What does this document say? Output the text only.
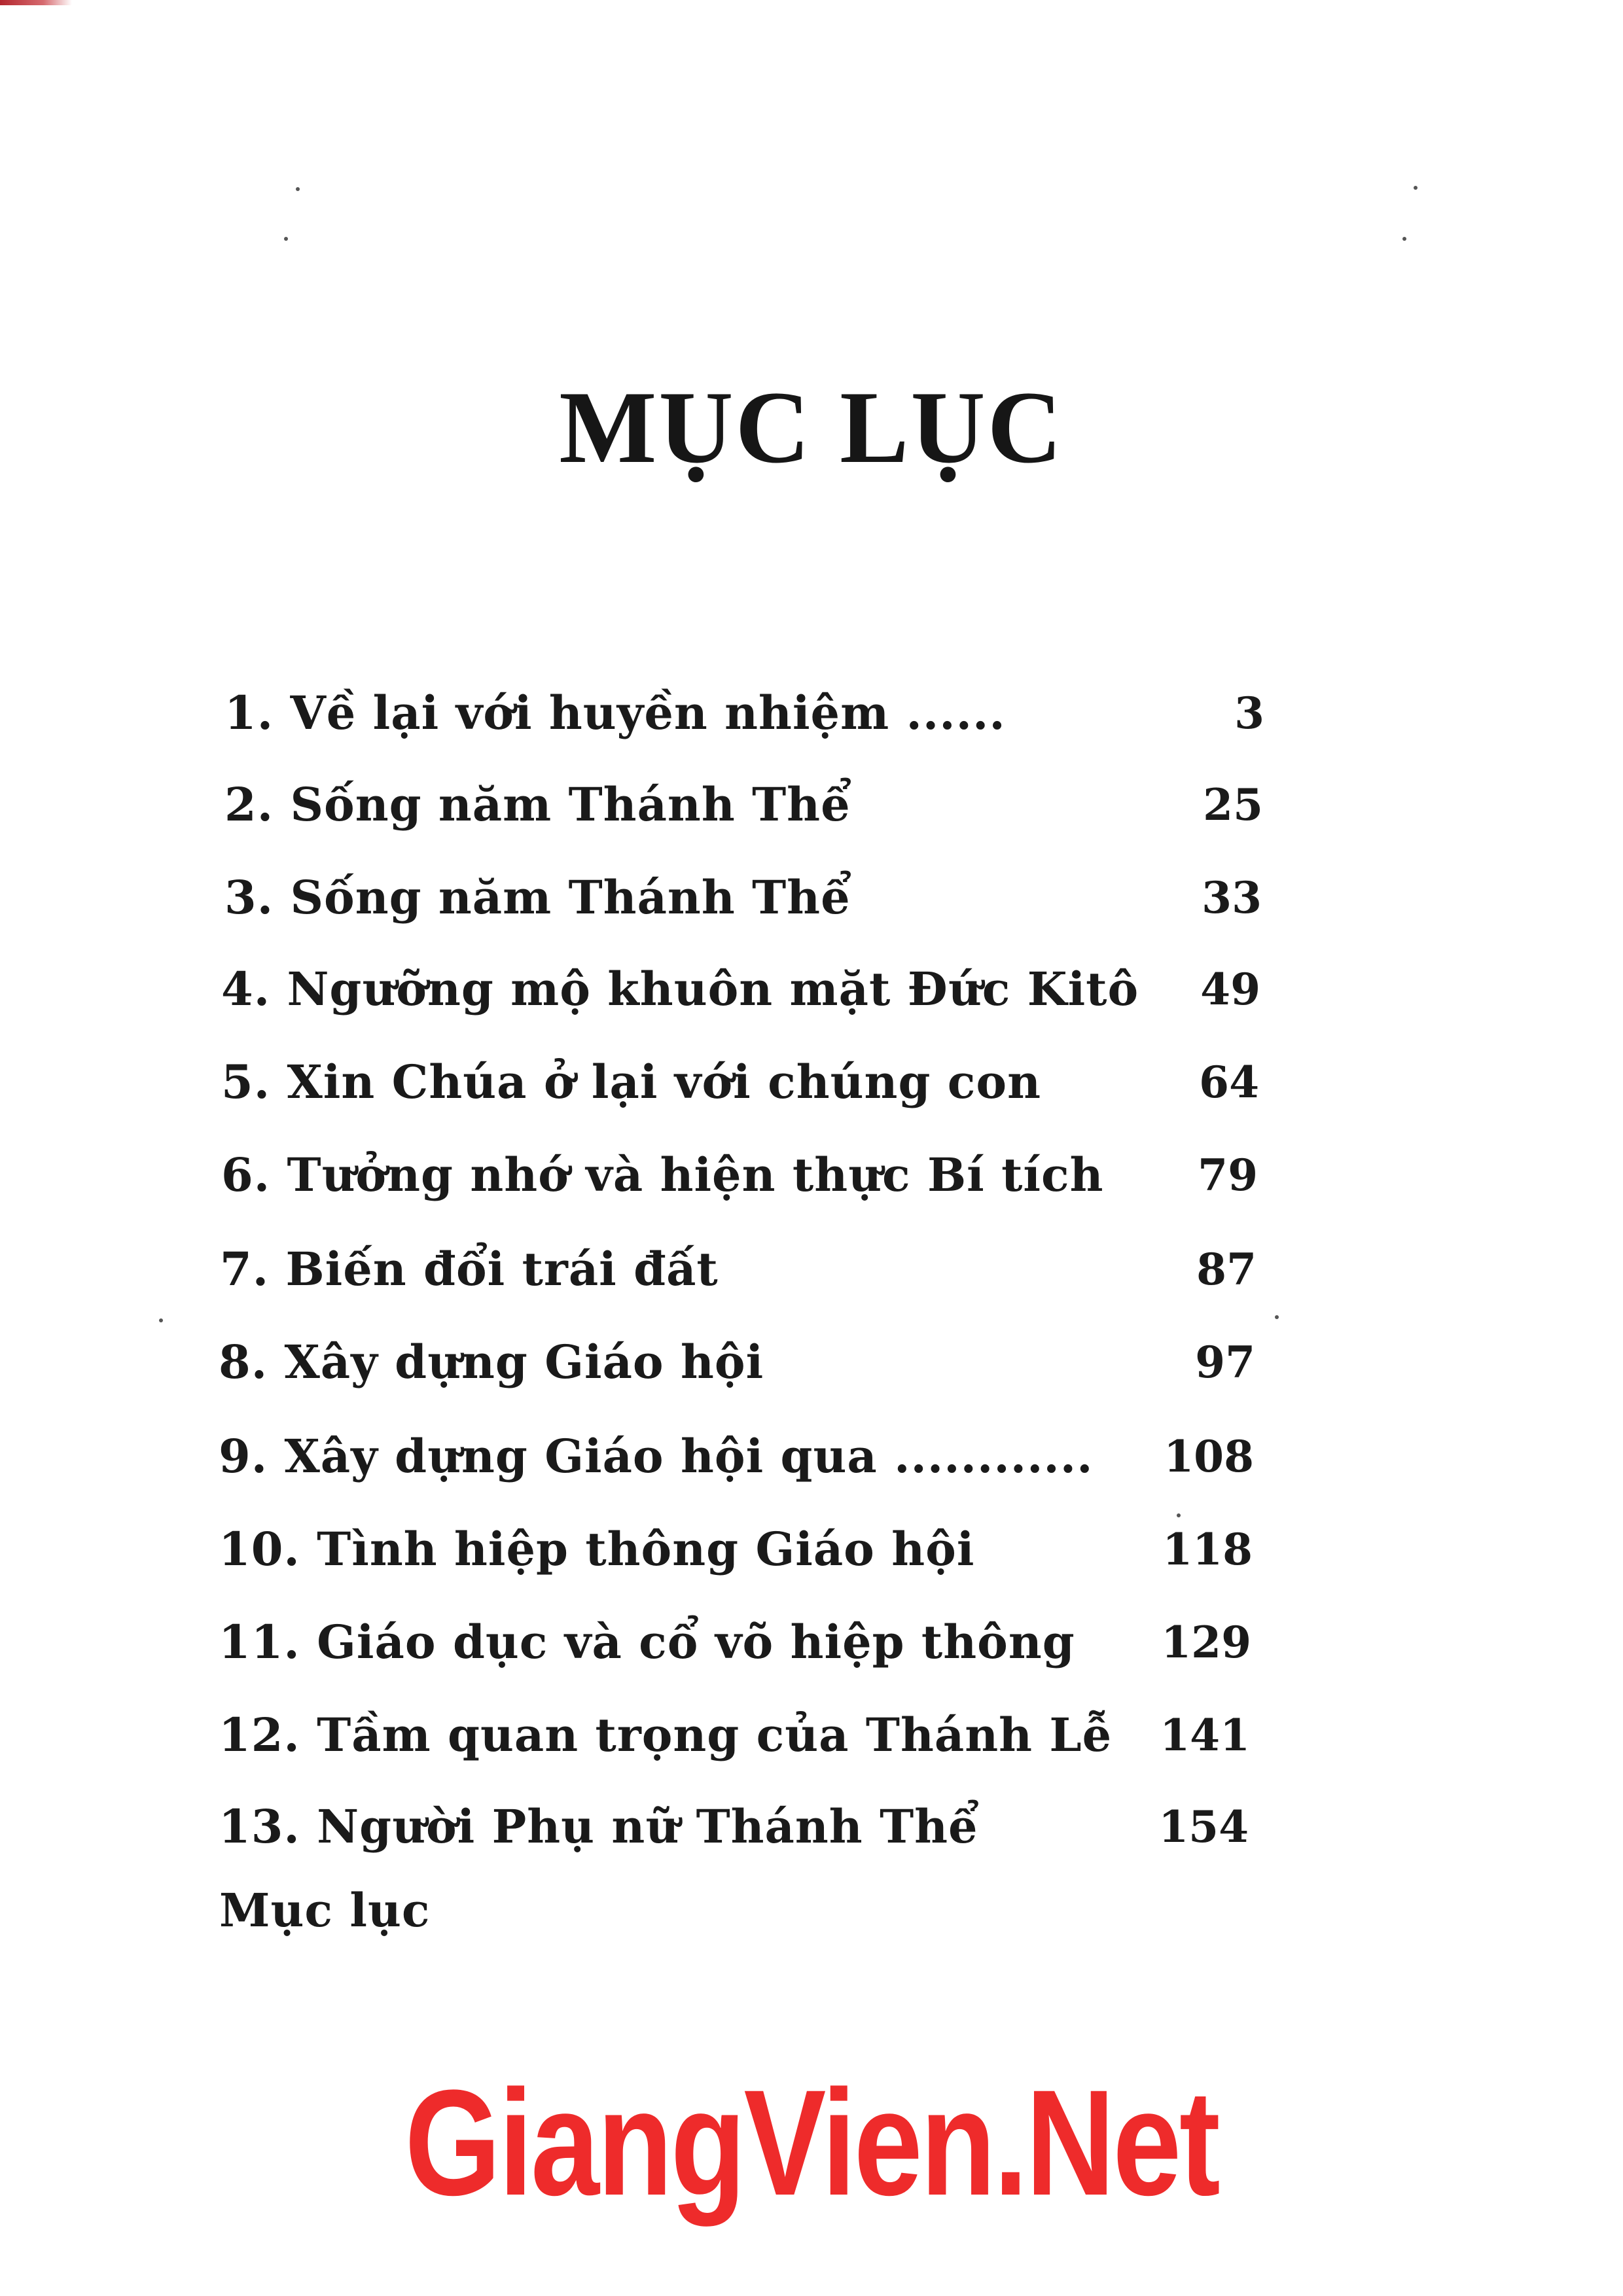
MỤC LỤC
1. Về lại với huyền nhiệm ......	3
2. Sống năm Thánh Thể	25
3. Sống năm Thánh Thể	33
4. Ngưỡng mộ khuôn mặt Đức Kitô	49
5. Xin Chúa ở lại với chúng con	64
6. Tưởng nhớ và hiện thực Bí tích	79
7. Biến đổi trái đất	87
8. Xây dựng Giáo hội	97
9. Xây dựng Giáo hội qua ............	108
10. Tình hiệp thông Giáo hội	118
11. Giáo dục và cổ võ hiệp thông	129
12. Tầm quan trọng của Thánh Lễ	141
13. Người Phụ nữ Thánh Thể	154
Mục lục
GiangVien.Net
